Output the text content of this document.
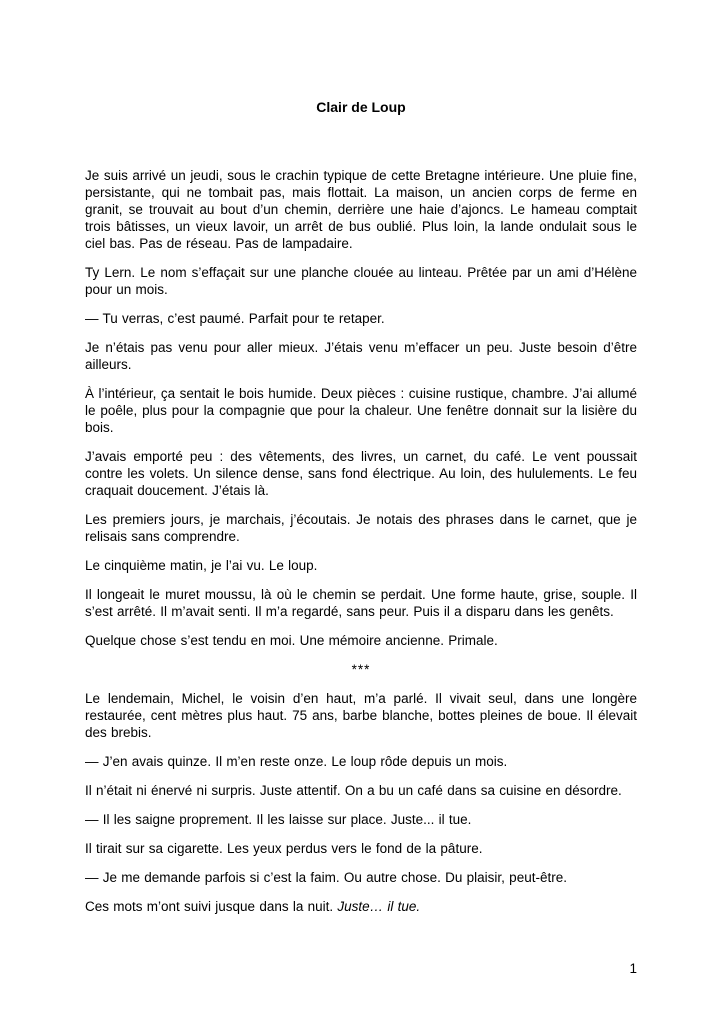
Clair de Loup

Je suis arrivé un jeudi, sous le crachin typique de cette Bretagne intérieure. Une pluie fine, persistante, qui ne tombait pas, mais flottait. La maison, un ancien corps de ferme en granit, se trouvait au bout d’un chemin, derrière une haie d’ajoncs. Le hameau comptait trois bâtisses, un vieux lavoir, un arrêt de bus oublié. Plus loin, la lande ondulait sous le ciel bas. Pas de réseau. Pas de lampadaire.

Ty Lern. Le nom s’effaçait sur une planche clouée au linteau. Prêtée par un ami d’Hélène pour un mois.

— Tu verras, c’est paumé. Parfait pour te retaper.

Je n’étais pas venu pour aller mieux. J’étais venu m’effacer un peu. Juste besoin d’être ailleurs.

À l’intérieur, ça sentait le bois humide. Deux pièces : cuisine rustique, chambre. J’ai allumé le poêle, plus pour la compagnie que pour la chaleur. Une fenêtre donnait sur la lisière du bois.

J’avais emporté peu : des vêtements, des livres, un carnet, du café. Le vent poussait contre les volets. Un silence dense, sans fond électrique. Au loin, des hululements. Le feu craquait doucement. J’étais là.

Les premiers jours, je marchais, j’écoutais. Je notais des phrases dans le carnet, que je relisais sans comprendre.

Le cinquième matin, je l’ai vu. Le loup.

Il longeait le muret moussu, là où le chemin se perdait. Une forme haute, grise, souple. Il s’est arrêté. Il m’avait senti. Il m’a regardé, sans peur. Puis il a disparu dans les genêts.

Quelque chose s’est tendu en moi. Une mémoire ancienne. Primale.

***

Le lendemain, Michel, le voisin d’en haut, m’a parlé. Il vivait seul, dans une longère restaurée, cent mètres plus haut. 75 ans, barbe blanche, bottes pleines de boue. Il élevait des brebis.

— J’en avais quinze. Il m’en reste onze. Le loup rôde depuis un mois.

Il n’était ni énervé ni surpris. Juste attentif. On a bu un café dans sa cuisine en désordre.

— Il les saigne proprement. Il les laisse sur place. Juste... il tue.

Il tirait sur sa cigarette. Les yeux perdus vers le fond de la pâture.

— Je me demande parfois si c’est la faim. Ou autre chose. Du plaisir, peut-être.

Ces mots m’ont suivi jusque dans la nuit. Juste… il tue.

1
